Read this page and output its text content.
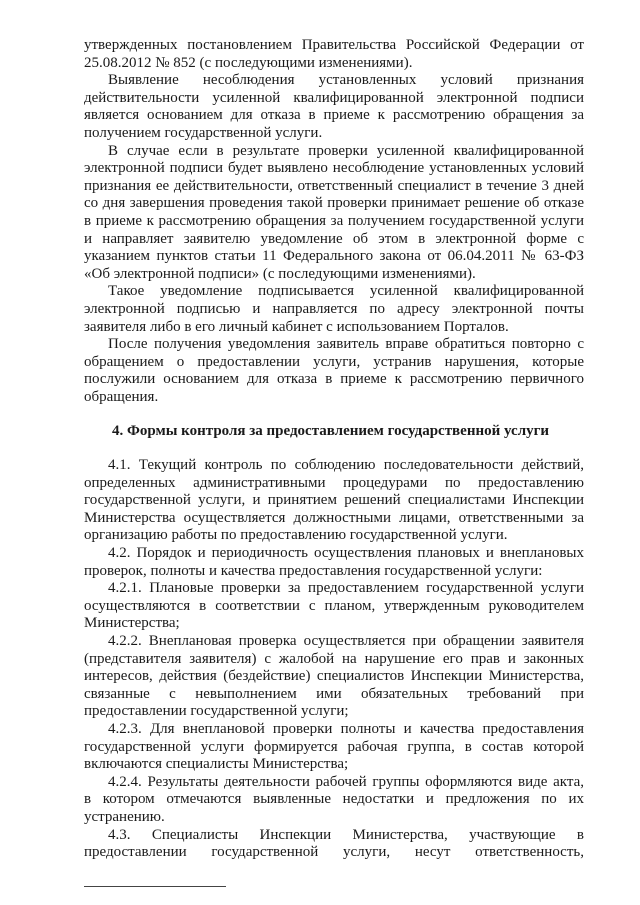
утвержденных постановлением Правительства Российской Федерации от
25.08.2012 № 852 (с последующими изменениями).
Выявление несоблюдения установленных условий признания
действительности усиленной квалифицированной электронной подписи
является основанием для отказа в приеме к рассмотрению обращения за
получением государственной услуги.
В случае если в результате проверки усиленной квалифицированной
электронной подписи будет выявлено несоблюдение установленных условий
признания ее действительности, ответственный специалист в течение 3 дней
со дня завершения проведения такой проверки принимает решение об отказе
в приеме к рассмотрению обращения за получением государственной услуги
и направляет заявителю уведомление об этом в электронной форме с
указанием пунктов статьи 11 Федерального закона от 06.04.2011 № 63-ФЗ
«Об электронной подписи» (с последующими изменениями).
Такое уведомление подписывается усиленной квалифицированной
электронной подписью и направляется по адресу электронной почты
заявителя либо в его личный кабинет с использованием Порталов.
После получения уведомления заявитель вправе обратиться повторно с
обращением о предоставлении услуги, устранив нарушения, которые
послужили основанием для отказа в приеме к рассмотрению первичного
обращения.
4. Формы контроля за предоставлением государственной услуги
4.1. Текущий контроль по соблюдению последовательности действий,
определенных административными процедурами по предоставлению
государственной услуги, и принятием решений специалистами Инспекции
Министерства осуществляется должностными лицами, ответственными за
организацию работы по предоставлению государственной услуги.
4.2. Порядок и периодичность осуществления плановых и внеплановых
проверок, полноты и качества предоставления государственной услуги:
4.2.1. Плановые проверки за предоставлением государственной услуги
осуществляются в соответствии с планом, утвержденным руководителем
Министерства;
4.2.2. Внеплановая проверка осуществляется при обращении заявителя
(представителя заявителя) с жалобой на нарушение его прав и законных
интересов, действия (бездействие) специалистов Инспекции Министерства,
связанные с невыполнением ими обязательных требований при
предоставлении государственной услуги;
4.2.3. Для внеплановой проверки полноты и качества предоставления
государственной услуги формируется рабочая группа, в состав которой
включаются специалисты Министерства;
4.2.4. Результаты деятельности рабочей группы оформляются виде акта,
в котором отмечаются выявленные недостатки и предложения по их
устранению.
4.3. Специалисты Инспекции Министерства, участвующие в
предоставлении государственной услуги, несут ответственность,
